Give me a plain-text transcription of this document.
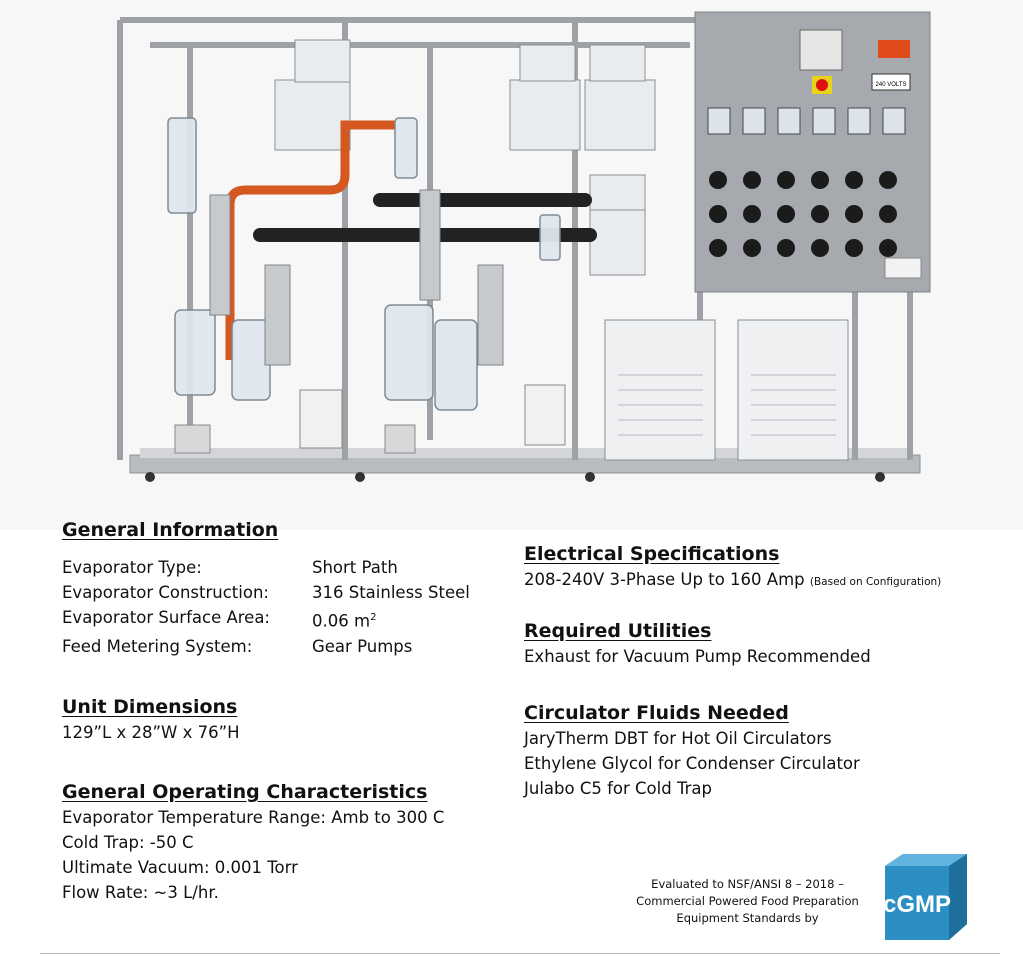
240 VOLTS
General Information
Evaporator Type:	Short Path
Evaporator Construction:	316 Stainless Steel
Evaporator Surface Area:	0.06 $m^2$
Feed Metering System:	Gear Pumps
Unit Dimensions
129”L x 28”W x 76”H
General Operating Characteristics
Evaporator Temperature Range: Amb to 300 C
Cold Trap: -50 C
Ultimate Vacuum: 0.001 Torr
Flow Rate: ~3 L/hr.
Electrical Specifications
208-240V 3-Phase Up to 160 Amp (Based on Configuration)
Required Utilities
Exhaust for Vacuum Pump Recommended
Circulator Fluids Needed
JaryTherm DBT for Hot Oil Circulators
Ethylene Glycol for Condenser Circulator
Julabo C5 for Cold Trap
Evaluated to NSF/ANSI 8 – 2018 –
Commercial Powered Food Preparation
Equipment Standards by	cGMP
